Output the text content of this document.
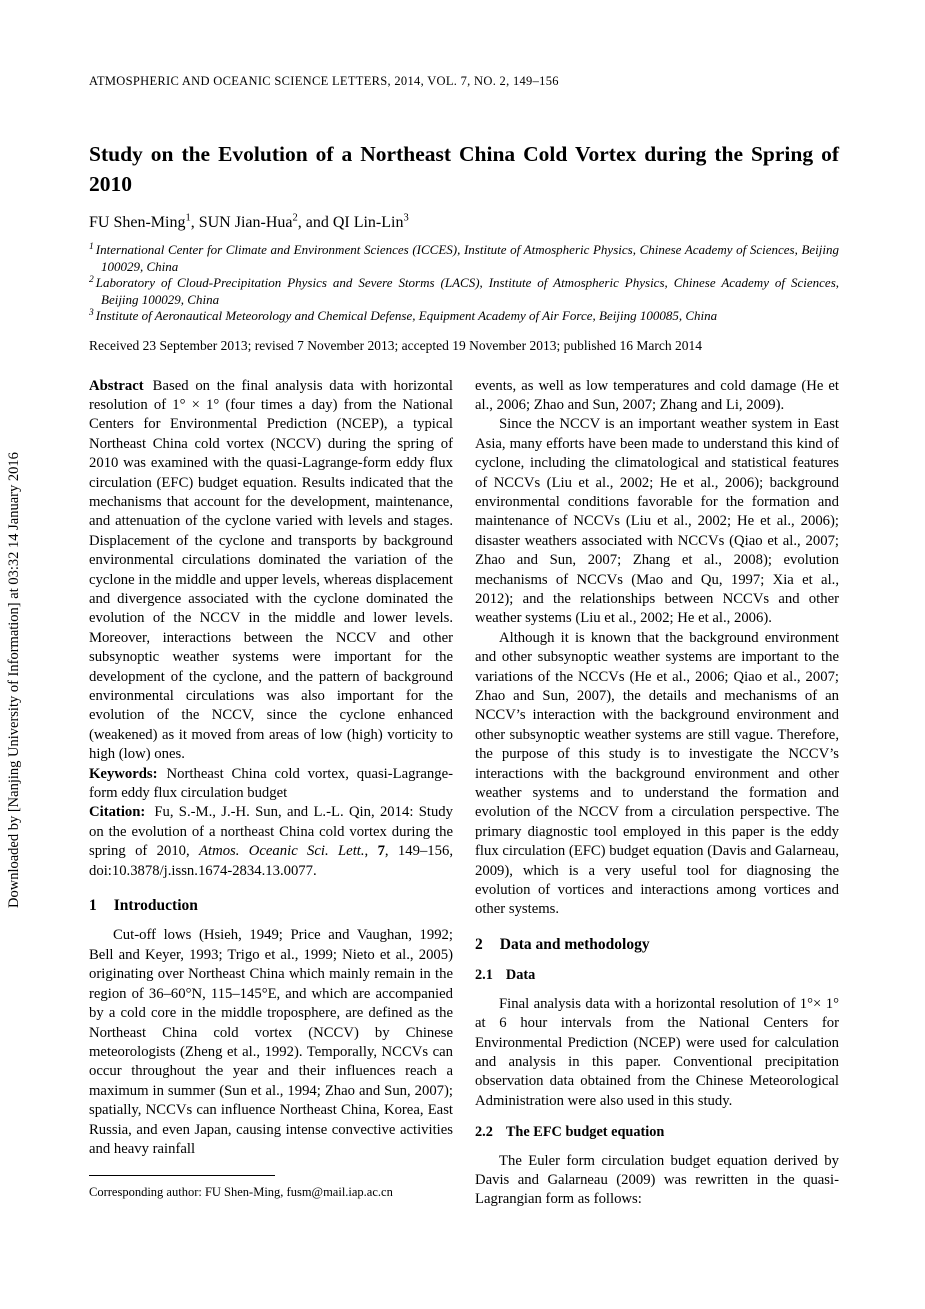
Downloaded by [Nanjing University of Information] at 03:32 14 January 2016
ATMOSPHERIC AND OCEANIC SCIENCE LETTERS, 2014, VOL. 7, NO. 2, 149–156
Study on the Evolution of a Northeast China Cold Vortex during the Spring of 2010
FU Shen-Ming$^1$, SUN Jian-Hua$^2$, and QI Lin-Lin$^3$
$^1$ International Center for Climate and Environment Sciences (ICCES), Institute of Atmospheric Physics, Chinese Academy of Sciences, Beijing 100029, China
$^2$ Laboratory of Cloud-Precipitation Physics and Severe Storms (LACS), Institute of Atmospheric Physics, Chinese Academy of Sciences, Beijing 100029, China
$^3$ Institute of Aeronautical Meteorology and Chemical Defense, Equipment Academy of Air Force, Beijing 100085, China
Received 23 September 2013; revised 7 November 2013; accepted 19 November 2013; published 16 March 2014

Abstract Based on the final analysis data with horizontal resolution of 1° × 1° (four times a day) from the National Centers for Environmental Prediction (NCEP), a typical Northeast China cold vortex (NCCV) during the spring of 2010 was examined with the quasi-Lagrange-form eddy flux circulation (EFC) budget equation. Results indicated that the mechanisms that account for the development, maintenance, and attenuation of the cyclone varied with levels and stages. Displacement of the cyclone and transports by background environmental circulations dominated the variation of the cyclone in the middle and upper levels, whereas displacement and divergence associated with the cyclone dominated the evolution of the NCCV in the middle and lower levels. Moreover, interactions between the NCCV and other subsynoptic weather systems were important for the development of the cyclone, and the pattern of background environmental circulations was also important for the evolution of the NCCV, since the cyclone enhanced (weakened) as it moved from areas of low (high) vorticity to high (low) ones.

Keywords: Northeast China cold vortex, quasi-Lagrange-form eddy flux circulation budget

Citation: Fu, S.-M., J.-H. Sun, and L.-L. Qin, 2014: Study on the evolution of a northeast China cold vortex during the spring of 2010, Atmos. Oceanic Sci. Lett., 7, 149–156, doi:10.3878/j.issn.1674-2834.13.0077.

1 Introduction

Cut-off lows (Hsieh, 1949; Price and Vaughan, 1992; Bell and Keyer, 1993; Trigo et al., 1999; Nieto et al., 2005) originating over Northeast China which mainly remain in the region of 36–60°N, 115–145°E, and which are accompanied by a cold core in the middle troposphere, are defined as the Northeast China cold vortex (NCCV) by Chinese meteorologists (Zheng et al., 1992). Temporally, NCCVs can occur throughout the year and their influences reach a maximum in summer (Sun et al., 1994; Zhao and Sun, 2007); spatially, NCCVs can influence Northeast China, Korea, East Russia, and even Japan, causing intense convective activities and heavy rainfall

Corresponding author: FU Shen-Ming, fusm@mail.iap.ac.cn

events, as well as low temperatures and cold damage (He et al., 2006; Zhao and Sun, 2007; Zhang and Li, 2009).

Since the NCCV is an important weather system in East Asia, many efforts have been made to understand this kind of cyclone, including the climatological and statistical features of NCCVs (Liu et al., 2002; He et al., 2006); background environmental conditions favorable for the formation and maintenance of NCCVs (Liu et al., 2002; He et al., 2006); disaster weathers associated with NCCVs (Qiao et al., 2007; Zhao and Sun, 2007; Zhang et al., 2008); evolution mechanisms of NCCVs (Mao and Qu, 1997; Xia et al., 2012); and the relationships between NCCVs and other weather systems (Liu et al., 2002; He et al., 2006).

Although it is known that the background environment and other subsynoptic weather systems are important to the variations of the NCCVs (He et al., 2006; Qiao et al., 2007; Zhao and Sun, 2007), the details and mechanisms of an NCCV’s interaction with the background environment and other subsynoptic weather systems are still vague. Therefore, the purpose of this study is to investigate the NCCV’s interactions with the background environment and other weather systems and to understand the formation and evolution of the NCCV from a circulation perspective. The primary diagnostic tool employed in this paper is the eddy flux circulation (EFC) budget equation (Davis and Galarneau, 2009), which is a very useful tool for diagnosing the evolution of vortices and interactions among vortices and other systems.

2 Data and methodology
2.1 Data

Final analysis data with a horizontal resolution of 1°× 1° at 6 hour intervals from the National Centers for Environmental Prediction (NCEP) were used for calculation and analysis in this paper. Conventional precipitation observation data obtained from the Chinese Meteorological Administration were also used in this study.

2.2 The EFC budget equation

The Euler form circulation budget equation derived by Davis and Galarneau (2009) was rewritten in the quasi-Lagrangian form as follows:
